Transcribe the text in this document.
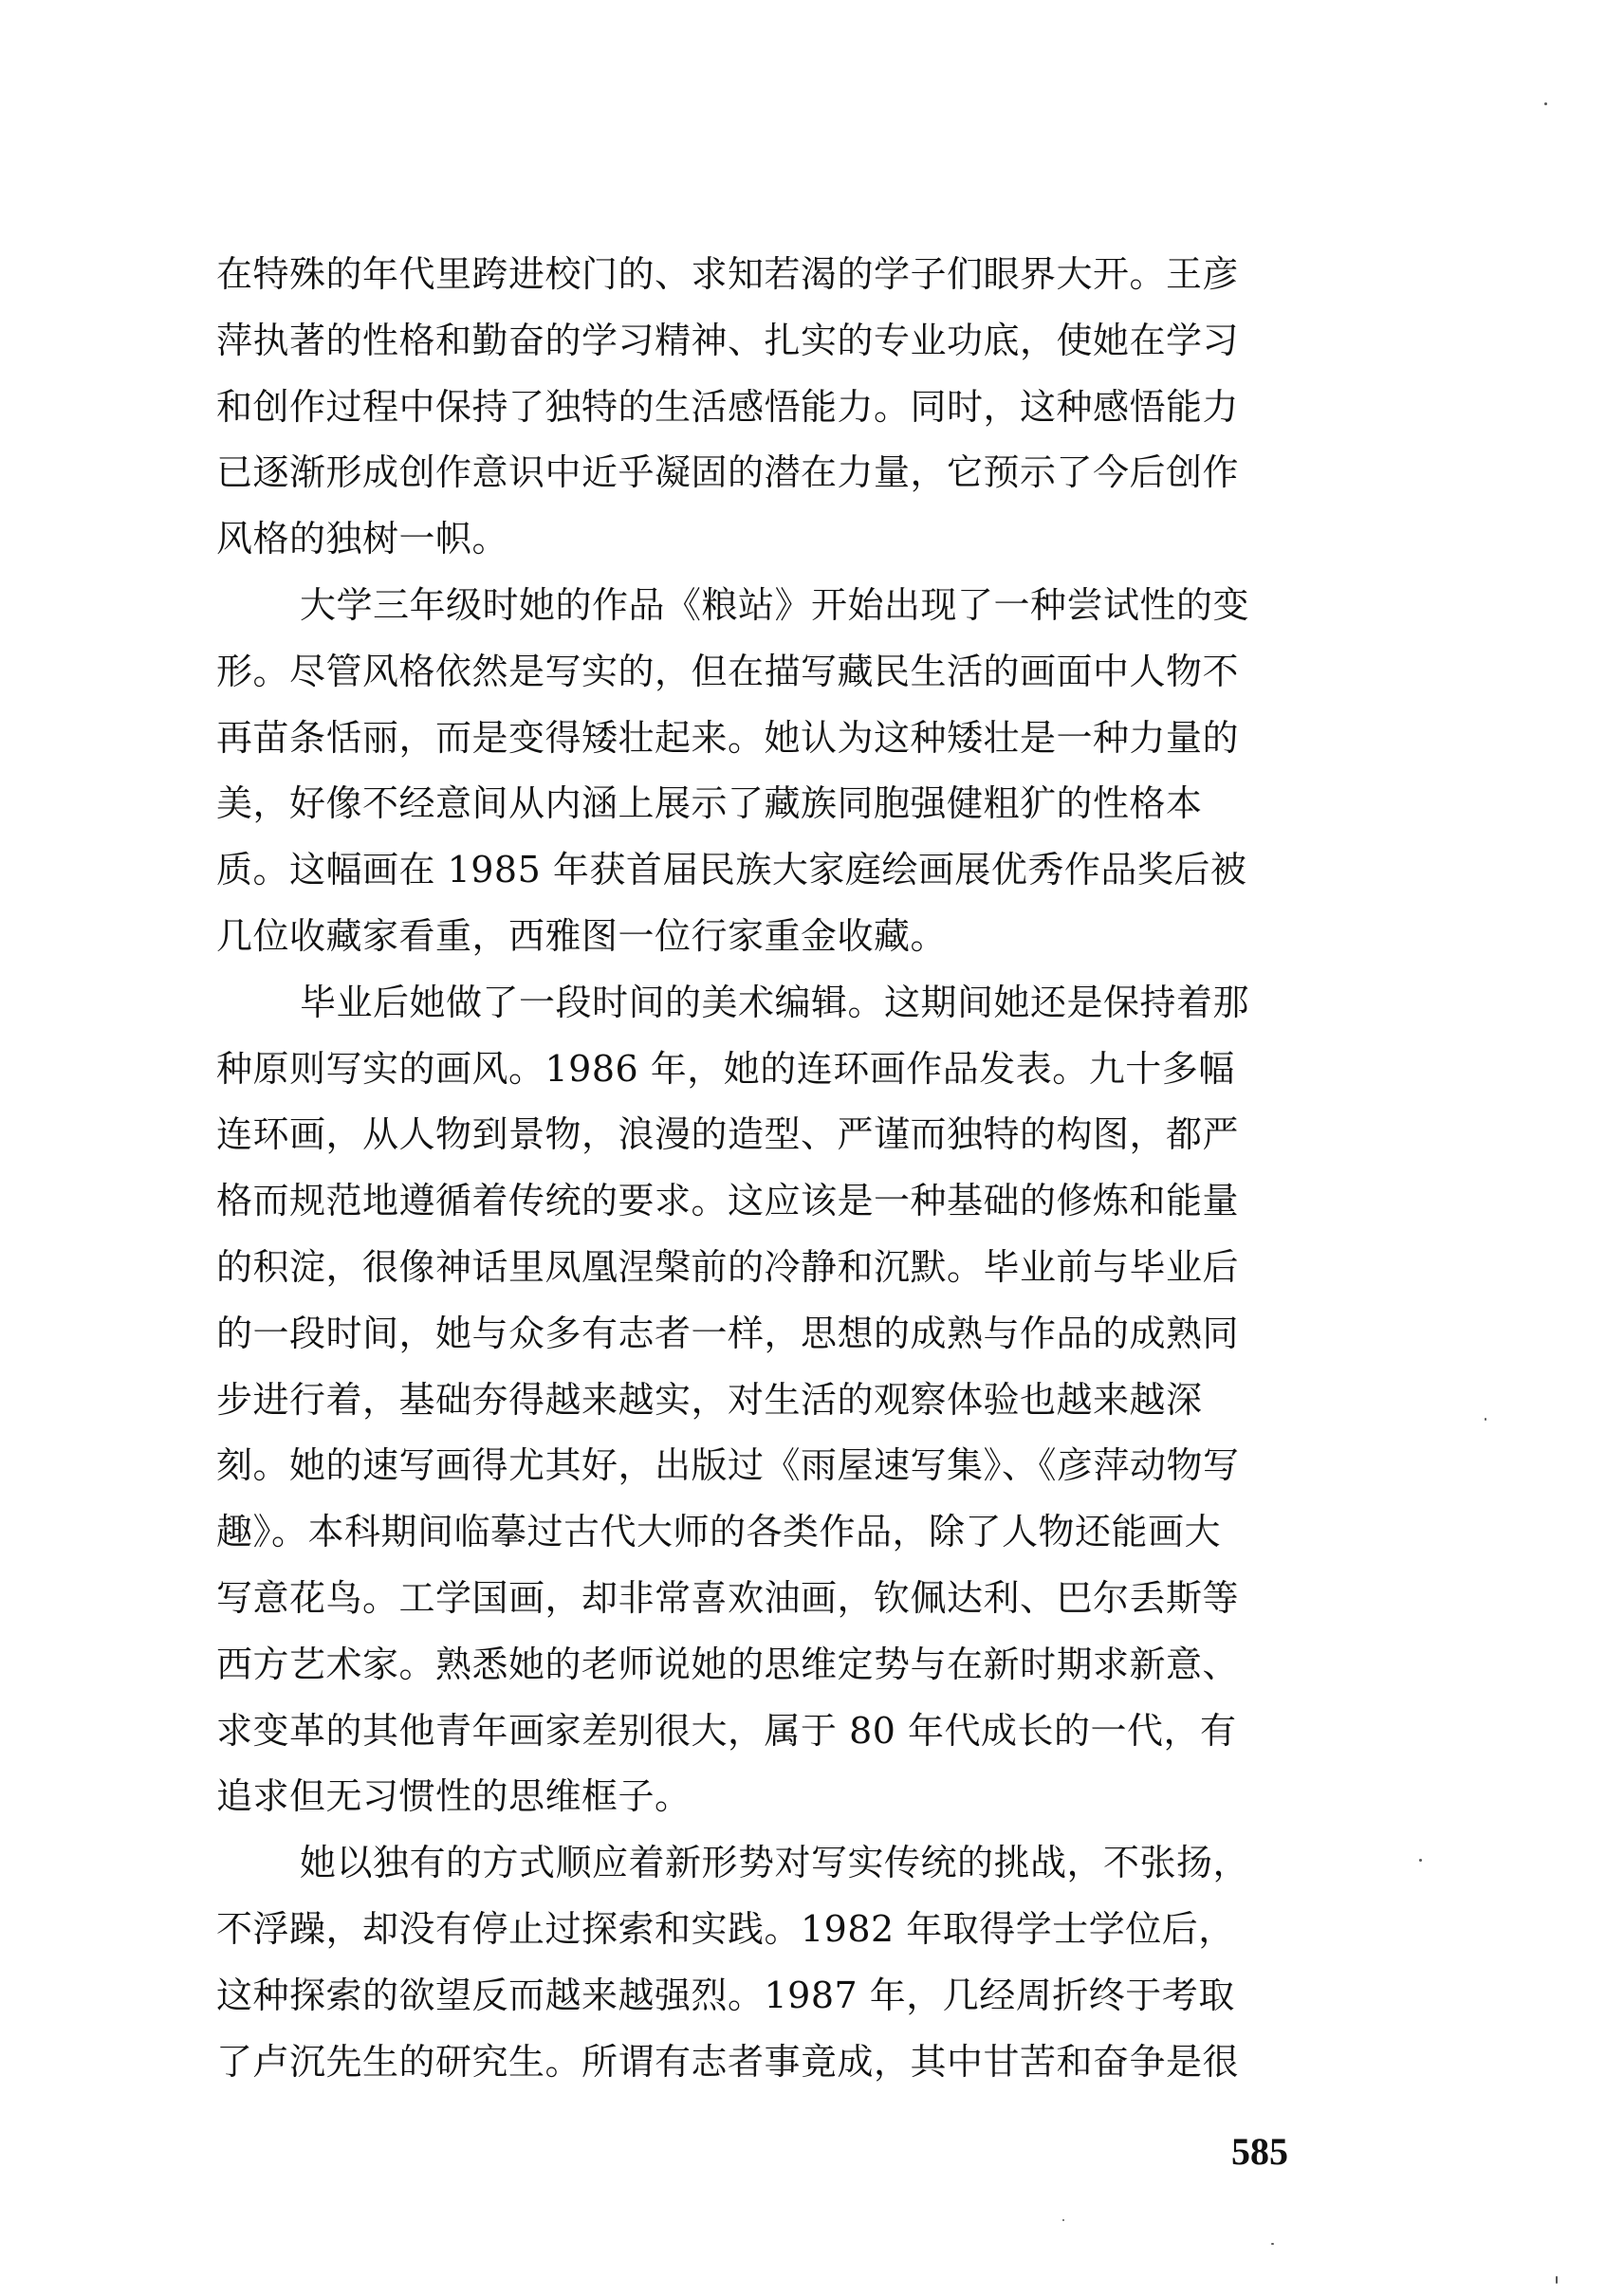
在特殊的年代里跨进校门的、求知若渴的学子们眼界大开。王彦
萍执著的性格和勤奋的学习精神、扎实的专业功底，使她在学习
和创作过程中保持了独特的生活感悟能力。同时，这种感悟能力
已逐渐形成创作意识中近乎凝固的潜在力量，它预示了今后创作
风格的独树一帜。
大学三年级时她的作品《粮站》开始出现了一种尝试性的变
形。尽管风格依然是写实的，但在描写藏民生活的画面中人物不
再苗条恬丽，而是变得矮壮起来。她认为这种矮壮是一种力量的
美，好像不经意间从内涵上展示了藏族同胞强健粗犷的性格本
质。这幅画在 1985 年获首届民族大家庭绘画展优秀作品奖后被
几位收藏家看重，西雅图一位行家重金收藏。
毕业后她做了一段时间的美术编辑。这期间她还是保持着那
种原则写实的画风。1986 年，她的连环画作品发表。九十多幅
连环画，从人物到景物，浪漫的造型、严谨而独特的构图，都严
格而规范地遵循着传统的要求。这应该是一种基础的修炼和能量
的积淀，很像神话里凤凰涅槃前的冷静和沉默。毕业前与毕业后
的一段时间，她与众多有志者一样，思想的成熟与作品的成熟同
步进行着，基础夯得越来越实，对生活的观察体验也越来越深
刻。她的速写画得尤其好，出版过《雨屋速写集》、《彦萍动物写
趣》。本科期间临摹过古代大师的各类作品，除了人物还能画大
写意花鸟。工学国画，却非常喜欢油画，钦佩达利、巴尔丢斯等
西方艺术家。熟悉她的老师说她的思维定势与在新时期求新意、
求变革的其他青年画家差别很大，属于 80 年代成长的一代，有
追求但无习惯性的思维框子。
她以独有的方式顺应着新形势对写实传统的挑战，不张扬，
不浮躁，却没有停止过探索和实践。1982 年取得学士学位后，
这种探索的欲望反而越来越强烈。1987 年，几经周折终于考取
了卢沉先生的研究生。所谓有志者事竟成，其中甘苦和奋争是很
585
